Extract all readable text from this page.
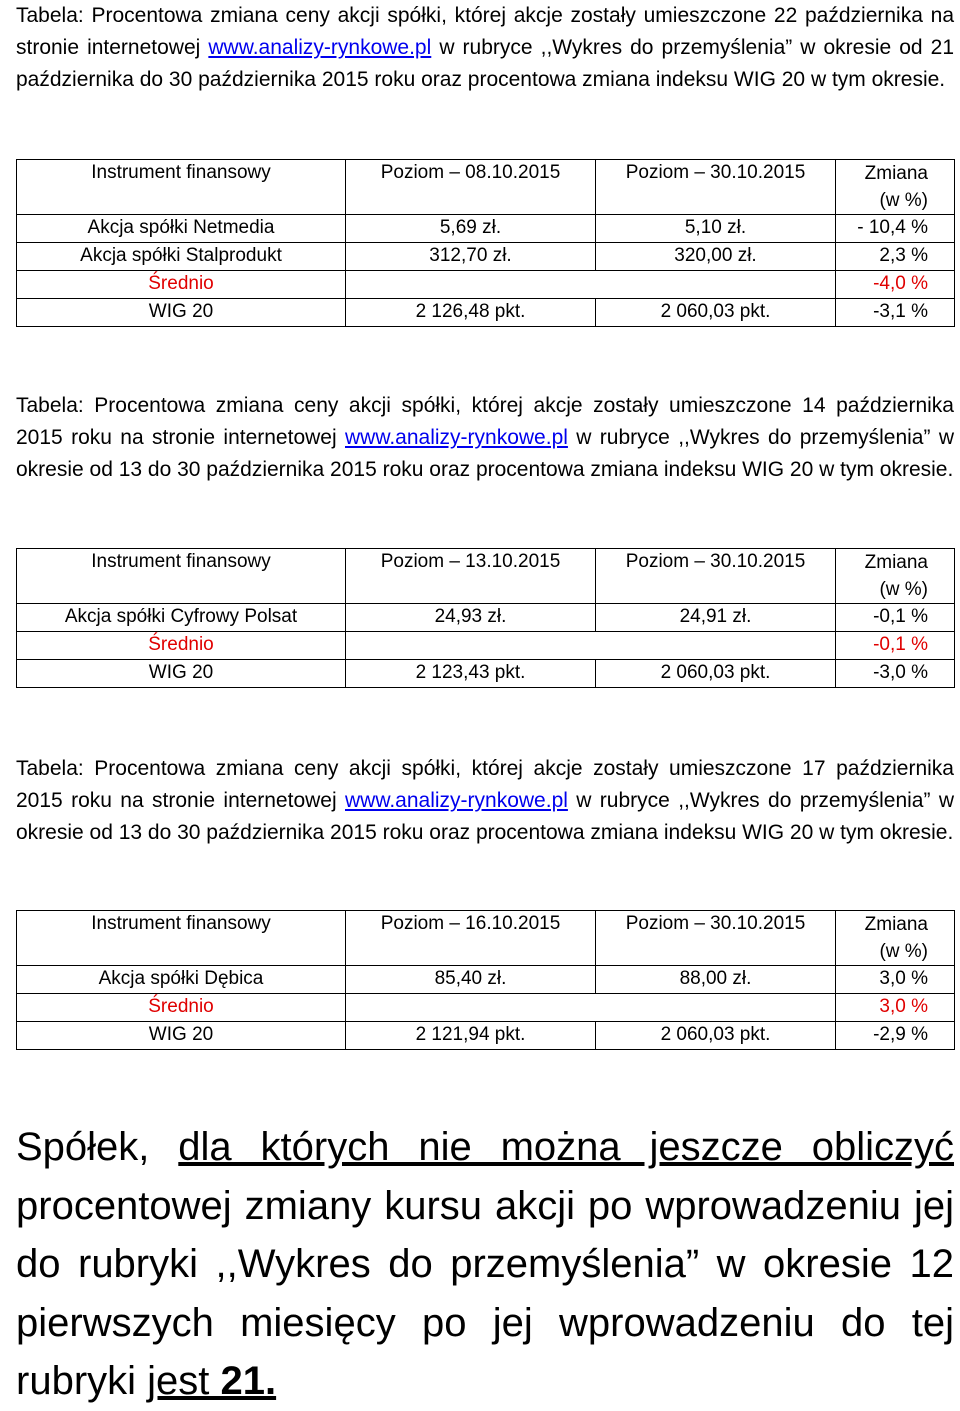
Tabela: Procentowa zmiana ceny akcji spółki, której akcje zostały umieszczone 22 października na stronie internetowej www.analizy-rynkowe.pl w rubryce ,,Wykres do przemyślenia” w okresie od 21 października do 30 października 2015 roku oraz procentowa zmiana indeksu WIG 20 w tym okresie.

Instrument finansowy	Poziom – 08.10.2015	Poziom – 30.10.2015	Zmiana
(w %)
Akcja spółki Netmedia	5,69 zł.	5,10 zł.	- 10,4 %
Akcja spółki Stalprodukt	312,70 zł.	320,00 zł.	2,3 %
Średnio			-4,0 %
WIG 20	2 126,48 pkt.	2 060,03 pkt.	-3,1 %

Tabela: Procentowa zmiana ceny akcji spółki, której akcje zostały umieszczone 14 października 2015 roku na stronie internetowej www.analizy-rynkowe.pl w rubryce ,,Wykres do przemyślenia” w okresie od 13 do 30 października 2015 roku oraz procentowa zmiana indeksu WIG 20 w tym okresie.

Instrument finansowy	Poziom – 13.10.2015	Poziom – 30.10.2015	Zmiana
(w %)
Akcja spółki Cyfrowy Polsat	24,93 zł.	24,91 zł.	-0,1 %
Średnio			-0,1 %
WIG 20	2 123,43 pkt.	2 060,03 pkt.	-3,0 %

Tabela: Procentowa zmiana ceny akcji spółki, której akcje zostały umieszczone 17 października 2015 roku na stronie internetowej www.analizy-rynkowe.pl w rubryce ,,Wykres do przemyślenia” w okresie od 13 do 30 października 2015 roku oraz procentowa zmiana indeksu WIG 20 w tym okresie.

Instrument finansowy	Poziom – 16.10.2015	Poziom – 30.10.2015	Zmiana
(w %)
Akcja spółki Dębica	85,40 zł.	88,00 zł.	3,0 %
Średnio			3,0 %
WIG 20	2 121,94 pkt.	2 060,03 pkt.	-2,9 %

Spółek, dla których nie można jeszcze obliczyć procentowej zmiany kursu akcji po wprowadzeniu jej do rubryki ,,Wykres do przemyślenia” w okresie 12 pierwszych miesięcy po jej wprowadzeniu do tej rubryki jest 21.
